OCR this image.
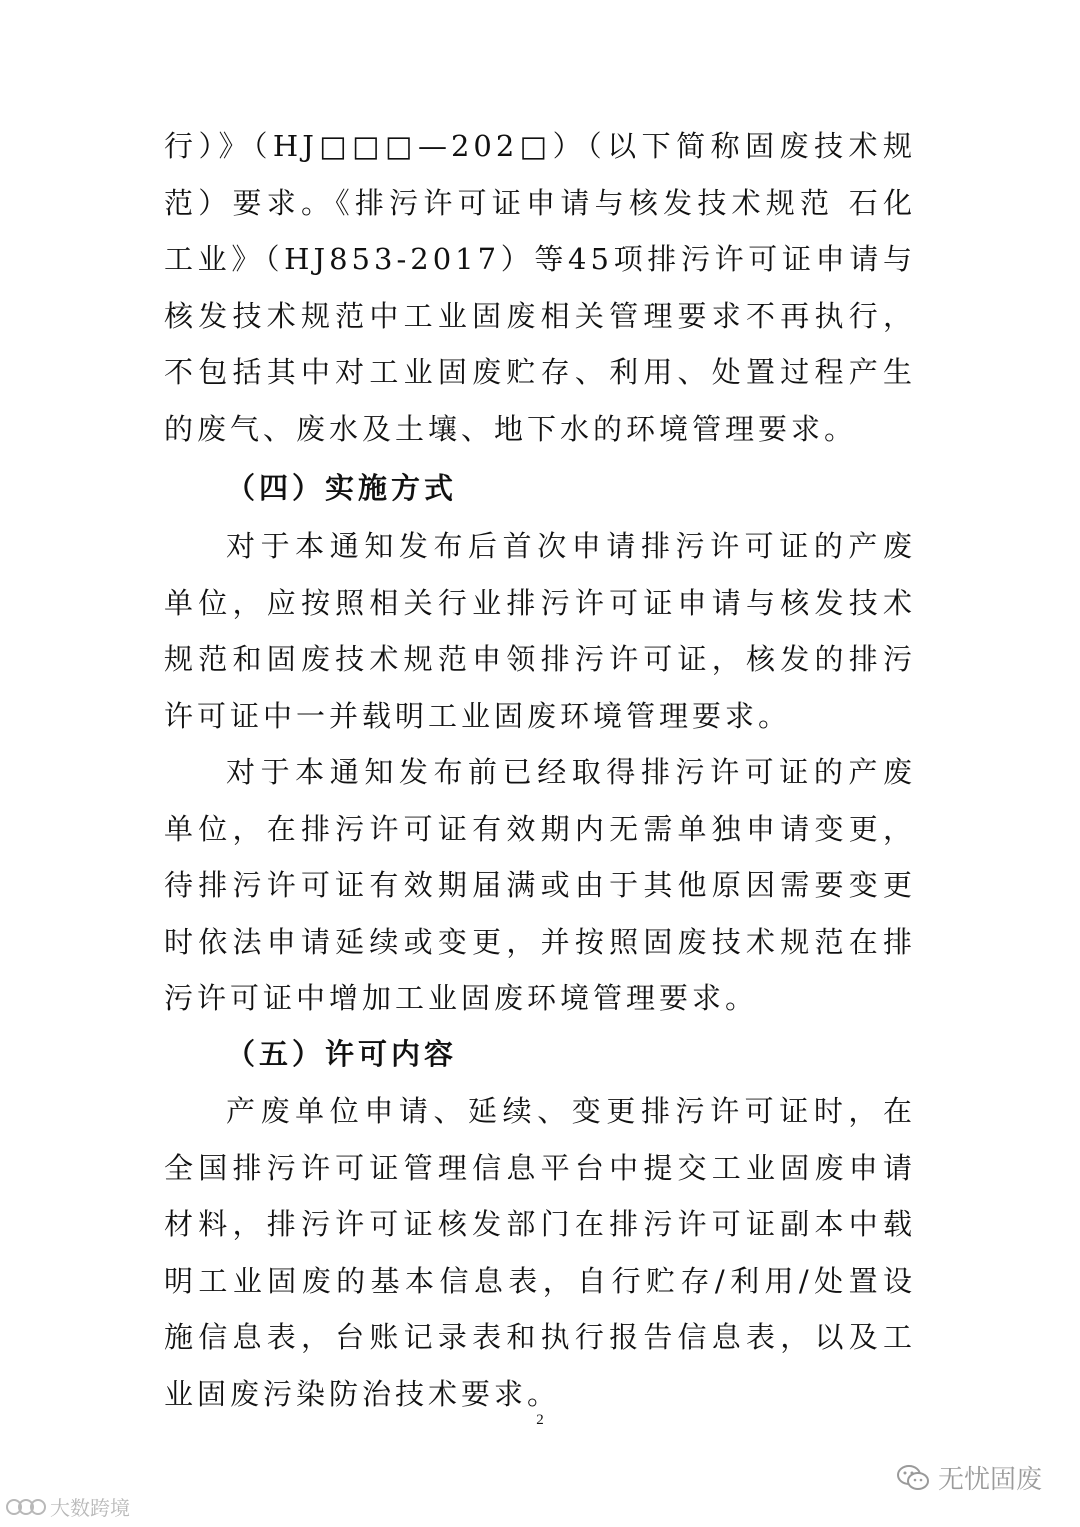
行）》（HJ□□□—202□）（以下简称固废技术规范）要求。《排污许可证申请与核发技术规范 石化工业》（HJ853-2017）等45项排污许可证申请与核发技术规范中工业固废相关管理要求不再执行，不包括其中对工业固废贮存、利用、处置过程产生的废气、废水及土壤、地下水的环境管理要求。

（四）实施方式

对于本通知发布后首次申请排污许可证的产废单位，应按照相关行业排污许可证申请与核发技术规范和固废技术规范申领排污许可证，核发的排污许可证中一并载明工业固废环境管理要求。

对于本通知发布前已经取得排污许可证的产废单位，在排污许可证有效期内无需单独申请变更，待排污许可证有效期届满或由于其他原因需要变更时依法申请延续或变更，并按照固废技术规范在排污许可证中增加工业固废环境管理要求。

（五）许可内容

产废单位申请、延续、变更排污许可证时，在全国排污许可证管理信息平台中提交工业固废申请材料，排污许可证核发部门在排污许可证副本中载明工业固废的基本信息表，自行贮存/利用/处置设施信息表，台账记录表和执行报告信息表，以及工业固废污染防治技术要求。

2
无忧固废
大数跨境
